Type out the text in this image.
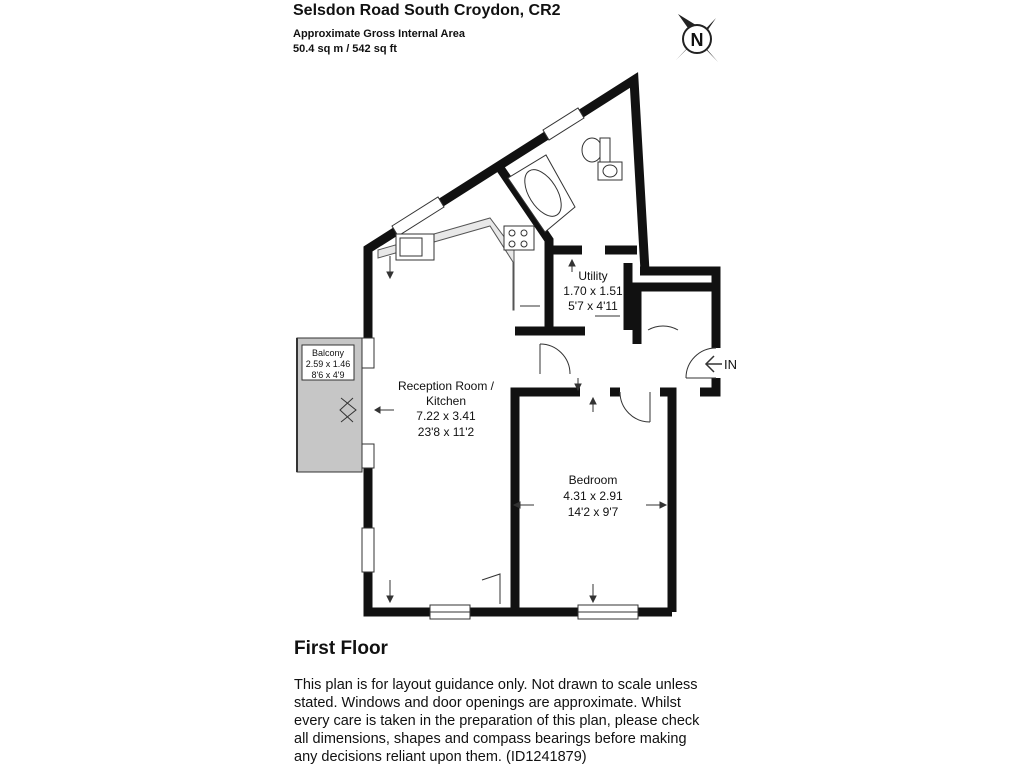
Selsdon Road South Croydon, CR2
Approximate Gross Internal Area
50.4 sq m / 542 sq ft	N
Balcony
2.59 x 1.46
8'6 x 4'9
IN
Utility
1.70 x 1.51
5'7 x 4'11
Reception Room /
Kitchen
7.22 x 3.41
23'8 x 11'2
Bedroom
4.31 x 2.91
14'2 x 9'7
First Floor
This plan is for layout guidance only. Not drawn to scale unless
stated. Windows and door openings are approximate. Whilst
every care is taken in the preparation of this plan, please check
all dimensions, shapes and compass bearings before making
any decisions reliant upon them. (ID1241879)
